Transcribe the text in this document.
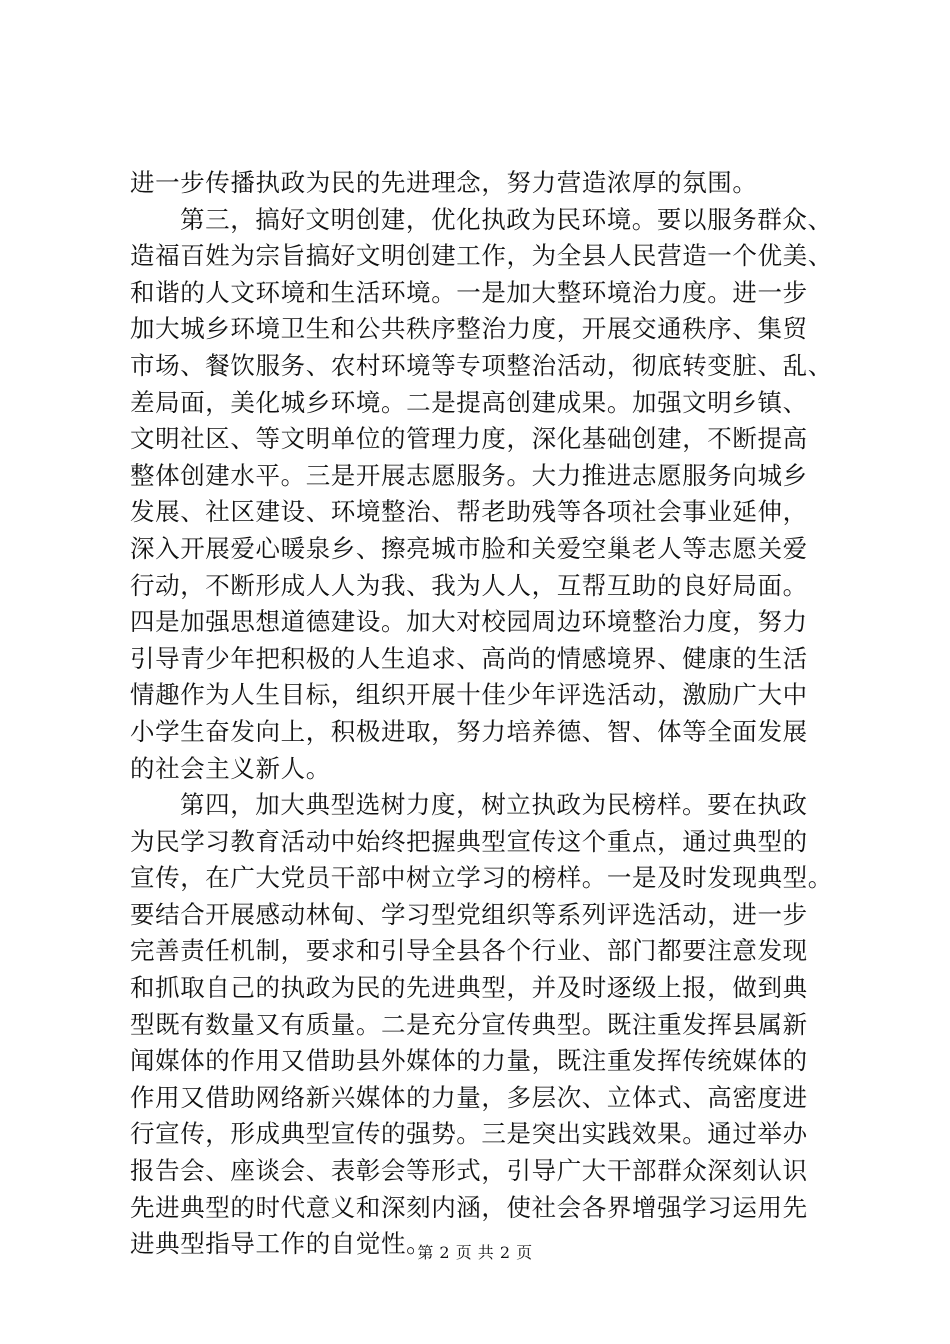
进一步传播执政为民的先进理念，努力营造浓厚的氛围。
第三，搞好文明创建，优化执政为民环境。要以服务群众、
造福百姓为宗旨搞好文明创建工作，为全县人民营造一个优美、
和谐的人文环境和生活环境。一是加大整环境治力度。进一步
加大城乡环境卫生和公共秩序整治力度，开展交通秩序、集贸
市场、餐饮服务、农村环境等专项整治活动，彻底转变脏、乱、
差局面，美化城乡环境。二是提高创建成果。加强文明乡镇、
文明社区、等文明单位的管理力度，深化基础创建，不断提高
整体创建水平。三是开展志愿服务。大力推进志愿服务向城乡
发展、社区建设、环境整治、帮老助残等各项社会事业延伸，
深入开展爱心暖泉乡、擦亮城市脸和关爱空巢老人等志愿关爱
行动，不断形成人人为我、我为人人，互帮互助的良好局面。
四是加强思想道德建设。加大对校园周边环境整治力度，努力
引导青少年把积极的人生追求、高尚的情感境界、健康的生活
情趣作为人生目标，组织开展十佳少年评选活动，激励广大中
小学生奋发向上，积极进取，努力培养德、智、体等全面发展
的社会主义新人。
第四，加大典型选树力度，树立执政为民榜样。要在执政
为民学习教育活动中始终把握典型宣传这个重点，通过典型的
宣传，在广大党员干部中树立学习的榜样。一是及时发现典型。
要结合开展感动林甸、学习型党组织等系列评选活动，进一步
完善责任机制，要求和引导全县各个行业、部门都要注意发现
和抓取自己的执政为民的先进典型，并及时逐级上报，做到典
型既有数量又有质量。二是充分宣传典型。既注重发挥县属新
闻媒体的作用又借助县外媒体的力量，既注重发挥传统媒体的
作用又借助网络新兴媒体的力量，多层次、立体式、高密度进
行宣传，形成典型宣传的强势。三是突出实践效果。通过举办
报告会、座谈会、表彰会等形式，引导广大干部群众深刻认识
先进典型的时代意义和深刻内涵，使社会各界增强学习运用先
进典型指导工作的自觉性。
第 2 页 共 2 页
